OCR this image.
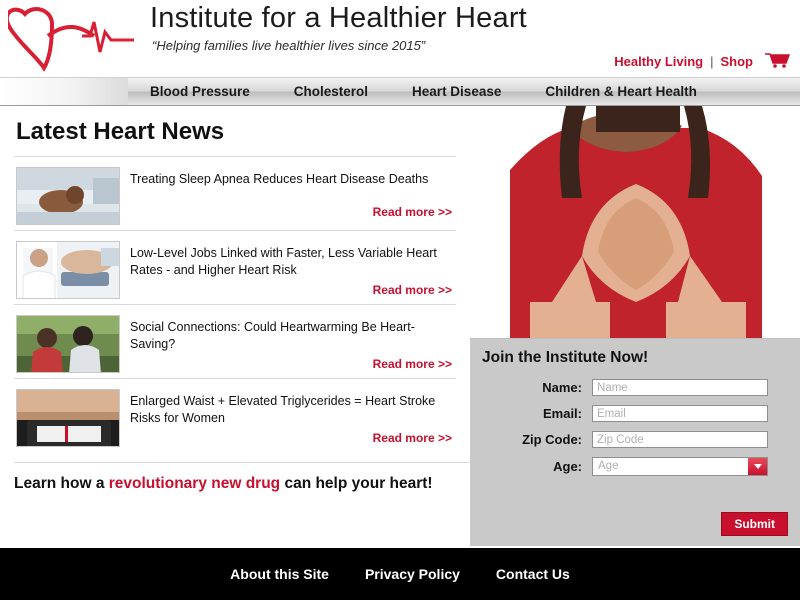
Institute for a Healthier Heart
“Helping families live healthier lives since 2015”
Healthy Living | Shop
Blood Pressure	Cholesterol	Heart Disease	Children & Heart Health
Latest Heart News
Treating Sleep Apnea Reduces Heart Disease Deaths
Read more >>
Low-Level Jobs Linked with Faster, Less Variable Heart Rates - and Higher Heart Risk
Read more >>
Social Connections: Could Heartwarming Be Heart-Saving?
Read more >>
Enlarged Waist + Elevated Triglycerides = Heart Stroke Risks for Women
Read more >>
Learn how a revolutionary new drug can help your heart!
Join the Institute Now!
Name:
Name
Email:
Email
Zip Code:
Zip Code
Age:	Age
Submit
About this Site	Privacy Policy	Contact Us
